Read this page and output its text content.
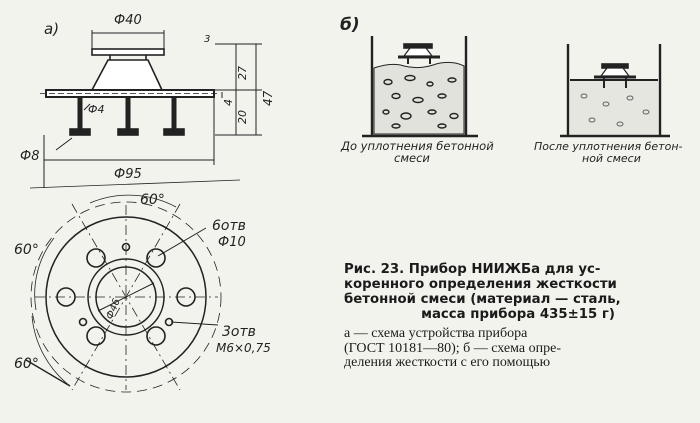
а)	Ф40
3
Ф4
Ф8
Ф95
27
4
20
47
60°
60°
60°
Ф46
6отв
Ф10
3отв
М6×0,75
б)
До уплотнения бетонной
смеси
После уплотнения бетон-
ной смеси
Рис. 23. Прибор НИИЖБа для ус-
коренного определения жесткости
бетонной смеси (материал — сталь,
масса прибора 435±15 г)
а — схема устройства прибора
(ГОСТ 10181—80); б — схема опре-
деления жесткости с его помощью
